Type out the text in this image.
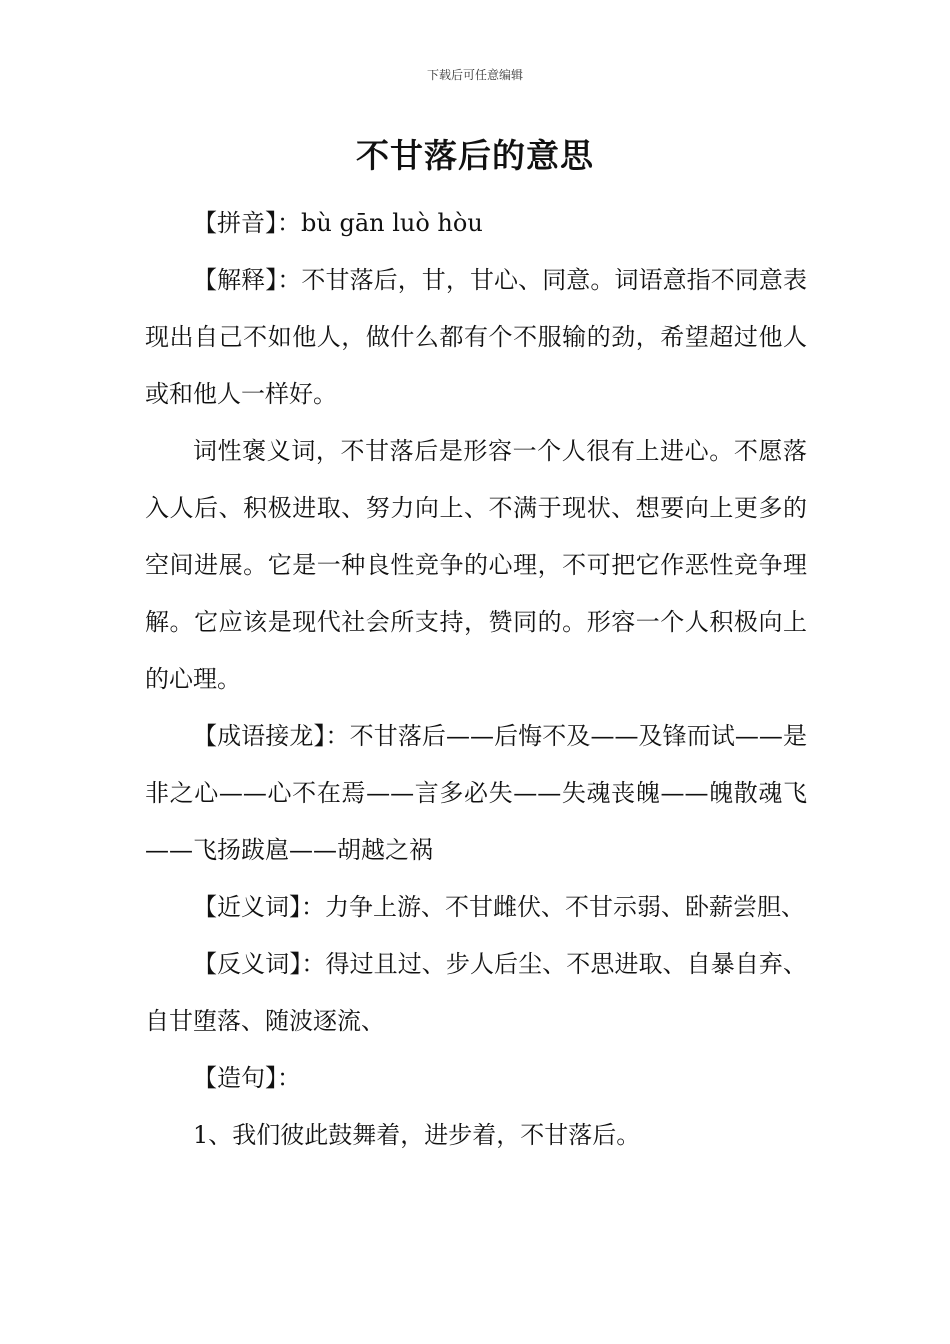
下载后可任意编辑
不甘落后的意思

【拼音】：bù gān luò hòu

【解释】：不甘落后，甘，甘心、同意。词语意指不同意表现出自己不如他人，做什么都有个不服输的劲，希望超过他人或和他人一样好。

词性褒义词，不甘落后是形容一个人很有上进心。不愿落入人后、积极进取、努力向上、不满于现状、想要向上更多的空间进展。它是一种良性竞争的心理，不可把它作恶性竞争理解。它应该是现代社会所支持，赞同的。形容一个人积极向上的心理。

【成语接龙】：不甘落后——后悔不及——及锋而试——是非之心——心不在焉——言多必失——失魂丧魄——魄散魂飞——飞扬跋扈——胡越之祸

【近义词】：力争上游、不甘雌伏、不甘示弱、卧薪尝胆、

【反义词】：得过且过、步人后尘、不思进取、自暴自弃、自甘堕落、随波逐流、

【造句】：

1、我们彼此鼓舞着，进步着，不甘落后。
